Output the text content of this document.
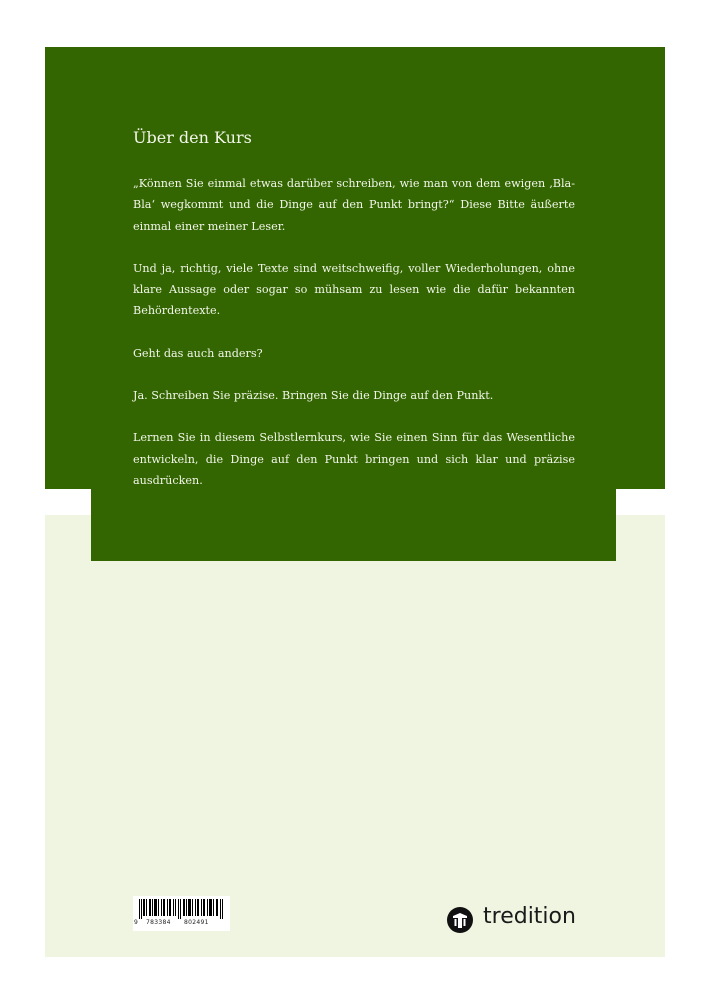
Über den Kurs

„Können Sie einmal etwas darüber schreiben, wie man von dem ewigen ‚Bla-Bla‘ wegkommt und die Dinge auf den Punkt bringt?“ Diese Bitte äußerte einmal einer meiner Leser.

Und ja, richtig, viele Texte sind weitschweifig, voller Wiederholungen, ohne klare Aussage oder sogar so mühsam zu lesen wie die dafür bekannten Behördentexte.

Geht das auch anders?

Ja. Schreiben Sie präzise. Bringen Sie die Dinge auf den Punkt.

Lernen Sie in diesem Selbstlernkurs, wie Sie einen Sinn für das Wesentliche entwickeln, die Dinge auf den Punkt bringen und sich klar und präzise ausdrücken.

9 783384 802491	tredition
